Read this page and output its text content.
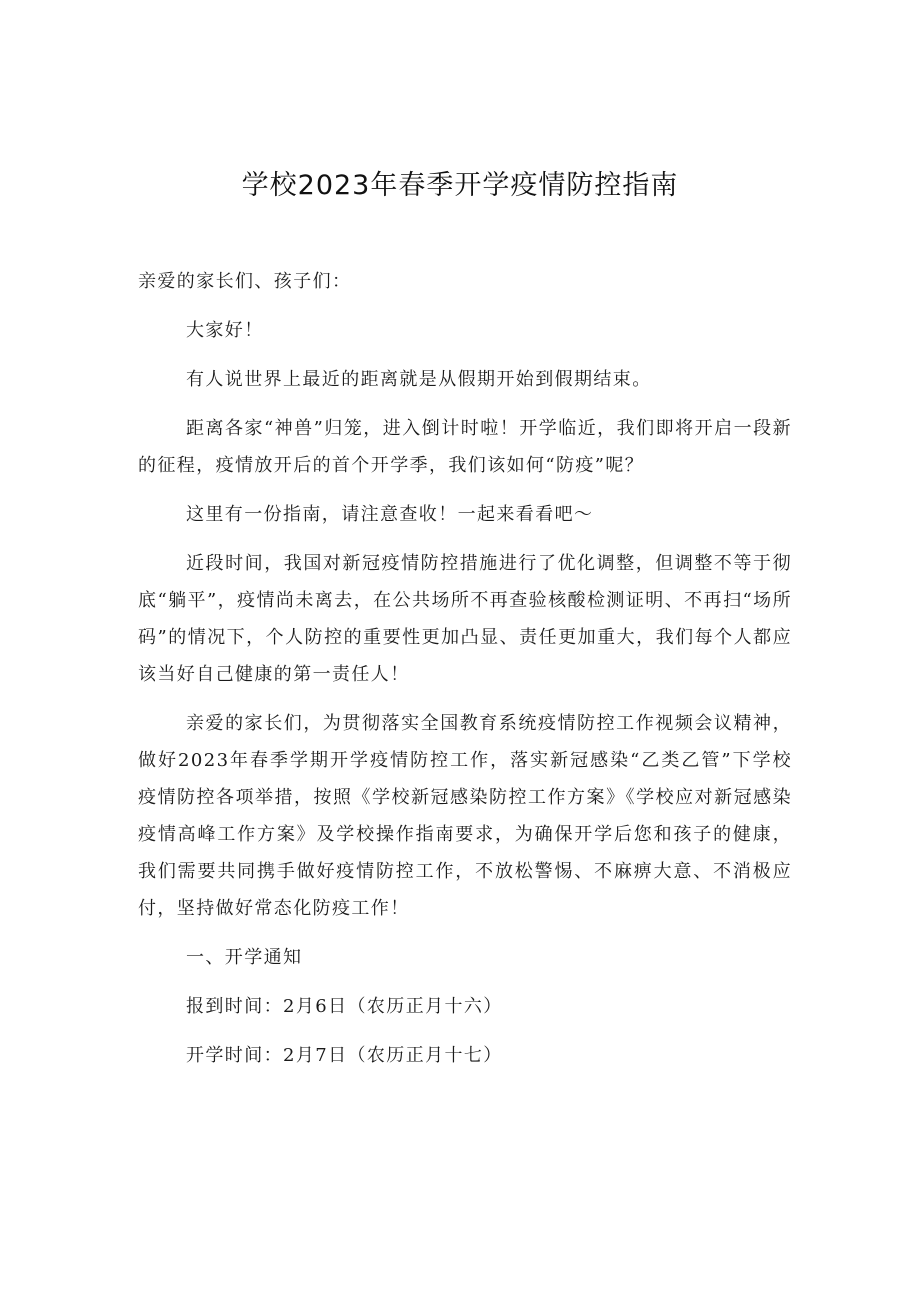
学校2023年春季开学疫情防控指南

亲爱的家长们、孩子们：

大家好！

有人说世界上最近的距离就是从假期开始到假期结束。

距离各家“神兽”归笼，进入倒计时啦！开学临近，我们即将开启一段新的征程，疫情放开后的首个开学季，我们该如何“防疫”呢？

这里有一份指南，请注意查收！一起来看看吧～

近段时间，我国对新冠疫情防控措施进行了优化调整，但调整不等于彻底“躺平”，疫情尚未离去，在公共场所不再查验核酸检测证明、不再扫“场所码”的情况下，个人防控的重要性更加凸显、责任更加重大，我们每个人都应该当好自己健康的第一责任人！

亲爱的家长们，为贯彻落实全国教育系统疫情防控工作视频会议精神，做好2023年春季学期开学疫情防控工作，落实新冠感染“乙类乙管”下学校疫情防控各项举措，按照《学校新冠感染防控工作方案》《学校应对新冠感染疫情高峰工作方案》及学校操作指南要求，为确保开学后您和孩子的健康，我们需要共同携手做好疫情防控工作，不放松警惕、不麻痹大意、不消极应付，坚持做好常态化防疫工作！

一、开学通知

报到时间：2月6日（农历正月十六）

开学时间：2月7日（农历正月十七）
